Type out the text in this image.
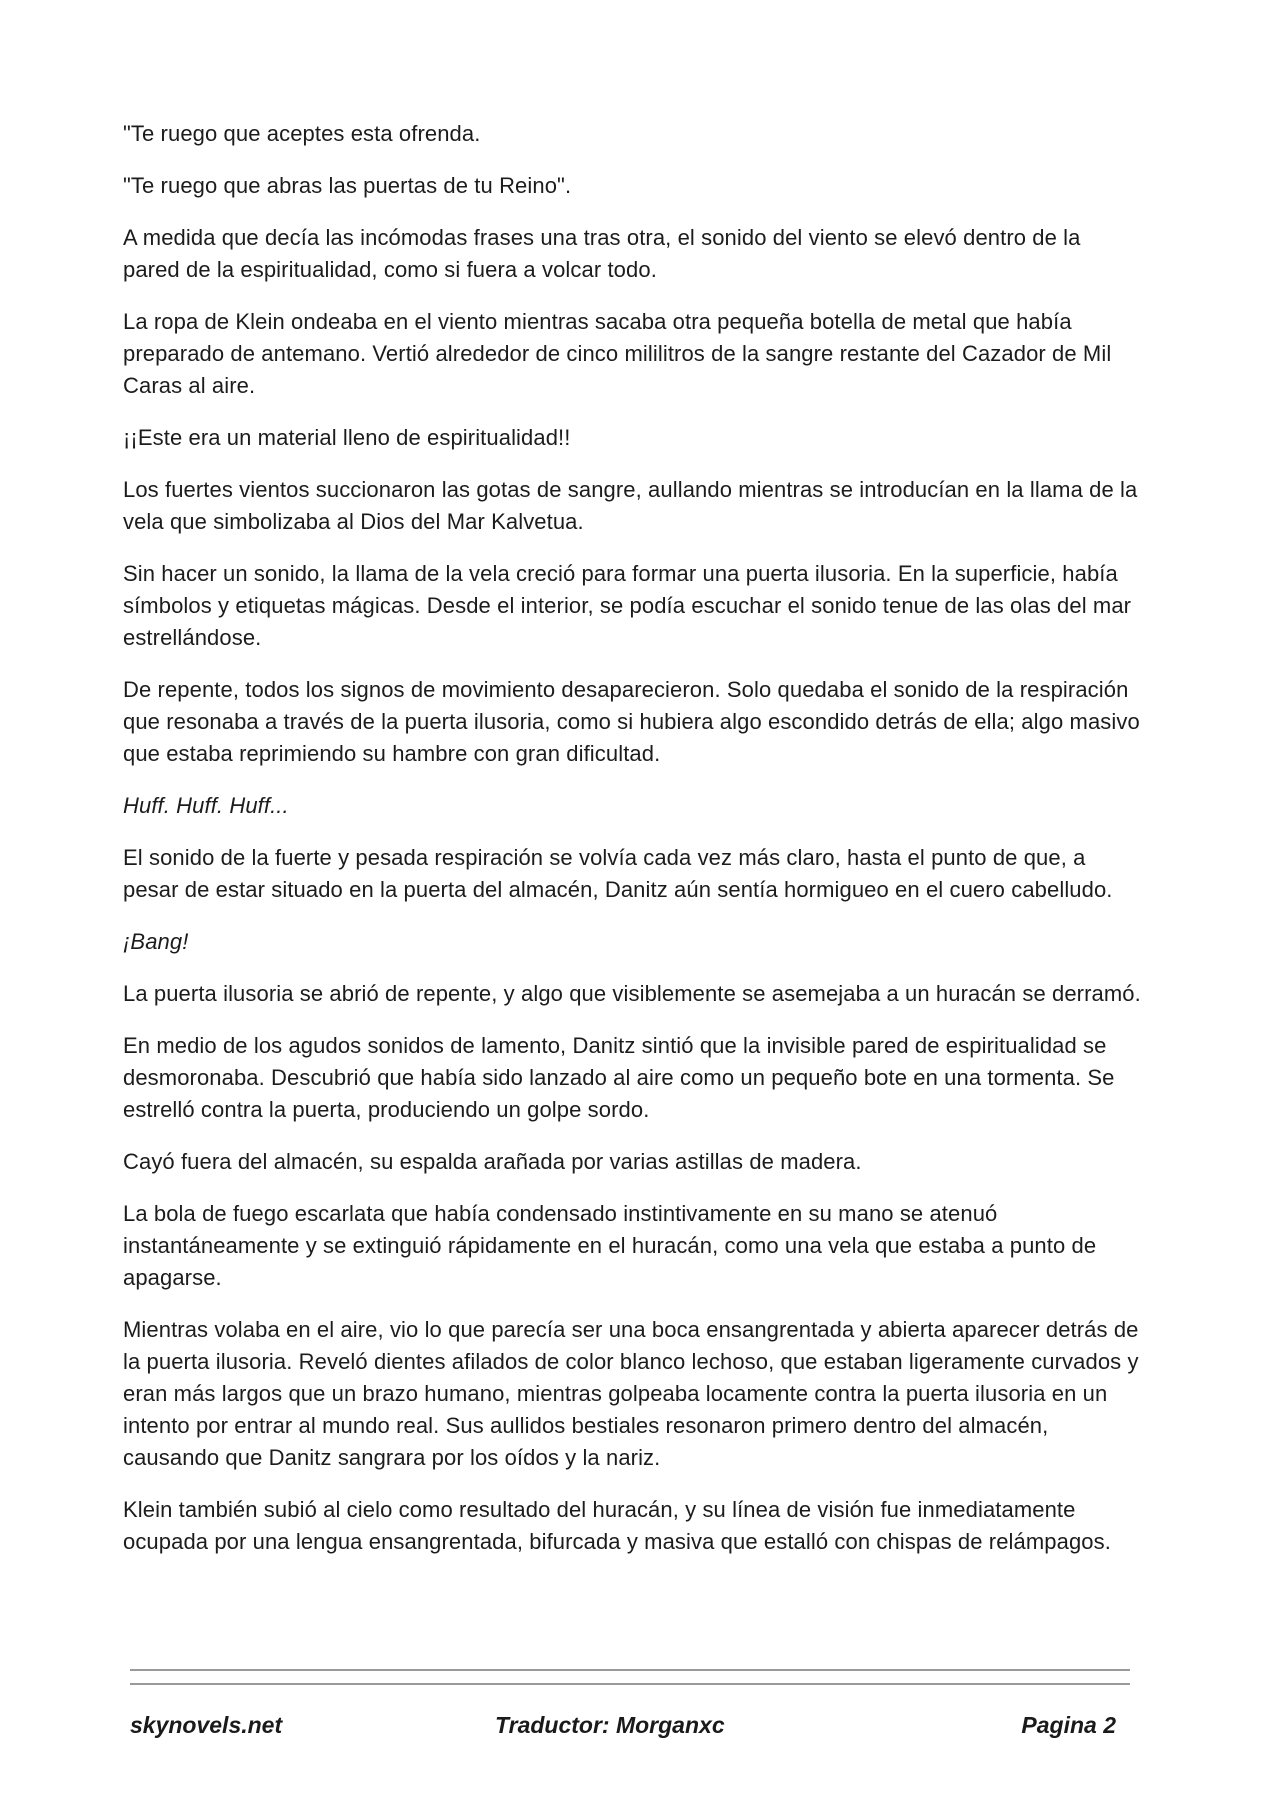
"Te ruego que aceptes esta ofrenda.

"Te ruego que abras las puertas de tu Reino".

A medida que decía las incómodas frases una tras otra, el sonido del viento se elevó dentro de la pared de la espiritualidad, como si fuera a volcar todo.

La ropa de Klein ondeaba en el viento mientras sacaba otra pequeña botella de metal que había preparado de antemano. Vertió alrededor de cinco mililitros de la sangre restante del Cazador de Mil Caras al aire.

¡¡Este era un material lleno de espiritualidad!!

Los fuertes vientos succionaron las gotas de sangre, aullando mientras se introducían en la llama de la vela que simbolizaba al Dios del Mar Kalvetua.

Sin hacer un sonido, la llama de la vela creció para formar una puerta ilusoria. En la superficie, había símbolos y etiquetas mágicas. Desde el interior, se podía escuchar el sonido tenue de las olas del mar estrellándose.

De repente, todos los signos de movimiento desaparecieron. Solo quedaba el sonido de la respiración que resonaba a través de la puerta ilusoria, como si hubiera algo escondido detrás de ella; algo masivo que estaba reprimiendo su hambre con gran dificultad.

Huff. Huff. Huff...

El sonido de la fuerte y pesada respiración se volvía cada vez más claro, hasta el punto de que, a pesar de estar situado en la puerta del almacén, Danitz aún sentía hormigueo en el cuero cabelludo.

¡Bang!

La puerta ilusoria se abrió de repente, y algo que visiblemente se asemejaba a un huracán se derramó.

En medio de los agudos sonidos de lamento, Danitz sintió que la invisible pared de espiritualidad se desmoronaba. Descubrió que había sido lanzado al aire como un pequeño bote en una tormenta. Se estrelló contra la puerta, produciendo un golpe sordo.

Cayó fuera del almacén, su espalda arañada por varias astillas de madera.

La bola de fuego escarlata que había condensado instintivamente en su mano se atenuó instantáneamente y se extinguió rápidamente en el huracán, como una vela que estaba a punto de apagarse.

Mientras volaba en el aire, vio lo que parecía ser una boca ensangrentada y abierta aparecer detrás de la puerta ilusoria. Reveló dientes afilados de color blanco lechoso, que estaban ligeramente curvados y eran más largos que un brazo humano, mientras golpeaba locamente contra la puerta ilusoria en un intento por entrar al mundo real. Sus aullidos bestiales resonaron primero dentro del almacén, causando que Danitz sangrara por los oídos y la nariz.

Klein también subió al cielo como resultado del huracán, y su línea de visión fue inmediatamente ocupada por una lengua ensangrentada, bifurcada y masiva que estalló con chispas de relámpagos.

skynovels.net	Traductor: Morganxc	Pagina 2
